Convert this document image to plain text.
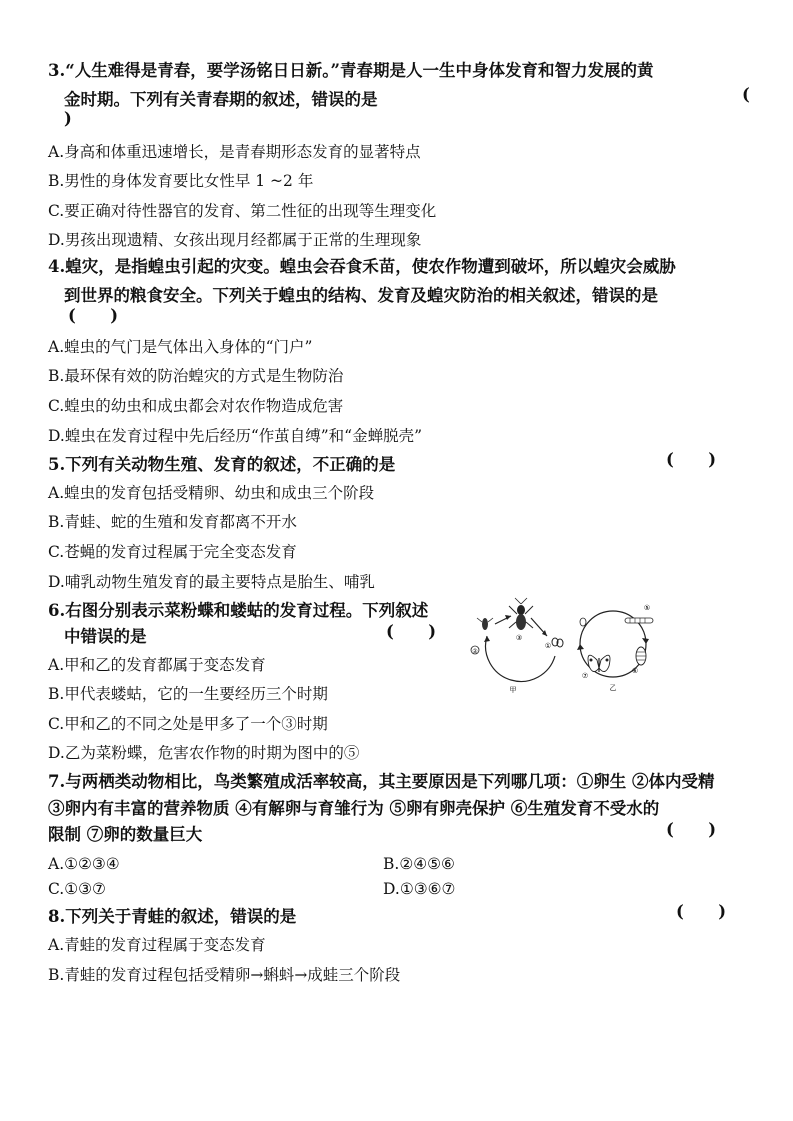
3.“人生难得是青春，要学汤铭日日新。”青春期是人一生中身体发育和智力发展的黄
金时期。下列有关青春期的叙述，错误的是	(
)
A.身高和体重迅速增长，是青春期形态发育的显著特点
B.男性的身体发育要比女性早 1 ~2 年
C.要正确对待性器官的发育、第二性征的出现等生理变化
D.男孩出现遗精、女孩出现月经都属于正常的生理现象
4.蝗灾，是指蝗虫引起的灾变。蝗虫会吞食禾苗，使农作物遭到破坏，所以蝗灾会威胁
到世界的粮食安全。下列关于蝗虫的结构、发育及蝗灾防治的相关叙述，错误的是
(      )
A.蝗虫的气门是气体出入身体的“门户”
B.最环保有效的防治蝗灾的方式是生物防治
C.蝗虫的幼虫和成虫都会对农作物造成危害
D.蝗虫在发育过程中先后经历“作茧自缚”和“金蝉脱壳”
5.下列有关动物生殖、发育的叙述，不正确的是	(      )
A.蝗虫的发育包括受精卵、幼虫和成虫三个阶段
B.青蛙、蛇的生殖和发育都离不开水
C.苍蝇的发育过程属于完全变态发育
D.哺乳动物生殖发育的最主要特点是胎生、哺乳
6.右图分别表示菜粉蝶和蝼蛄的发育过程。下列叙述
中错误的是	(      )
A.甲和乙的发育都属于变态发育
B.甲代表蝼蛄，它的一生要经历三个时期
C.甲和乙的不同之处是甲多了一个③时期
D.乙为菜粉蝶，危害农作物的时期为图中的⑤
②
③
①
甲
⑤
⑥
⑦
乙
7.与两栖类动物相比，鸟类繁殖成活率较高，其主要原因是下列哪几项：①卵生 ②体内受精
③卵内有丰富的营养物质 ④有解卵与育雏行为 ⑤卵有卵壳保护 ⑥生殖发育不受水的
限制 ⑦卵的数量巨大	(      )
A.①②③④	B.②④⑤⑥
C.①③⑦	D.①③⑥⑦
8.下列关于青蛙的叙述，错误的是	(      )
A.青蛙的发育过程属于变态发育
B.青蛙的发育过程包括受精卵→蝌蚪→成蛙三个阶段
